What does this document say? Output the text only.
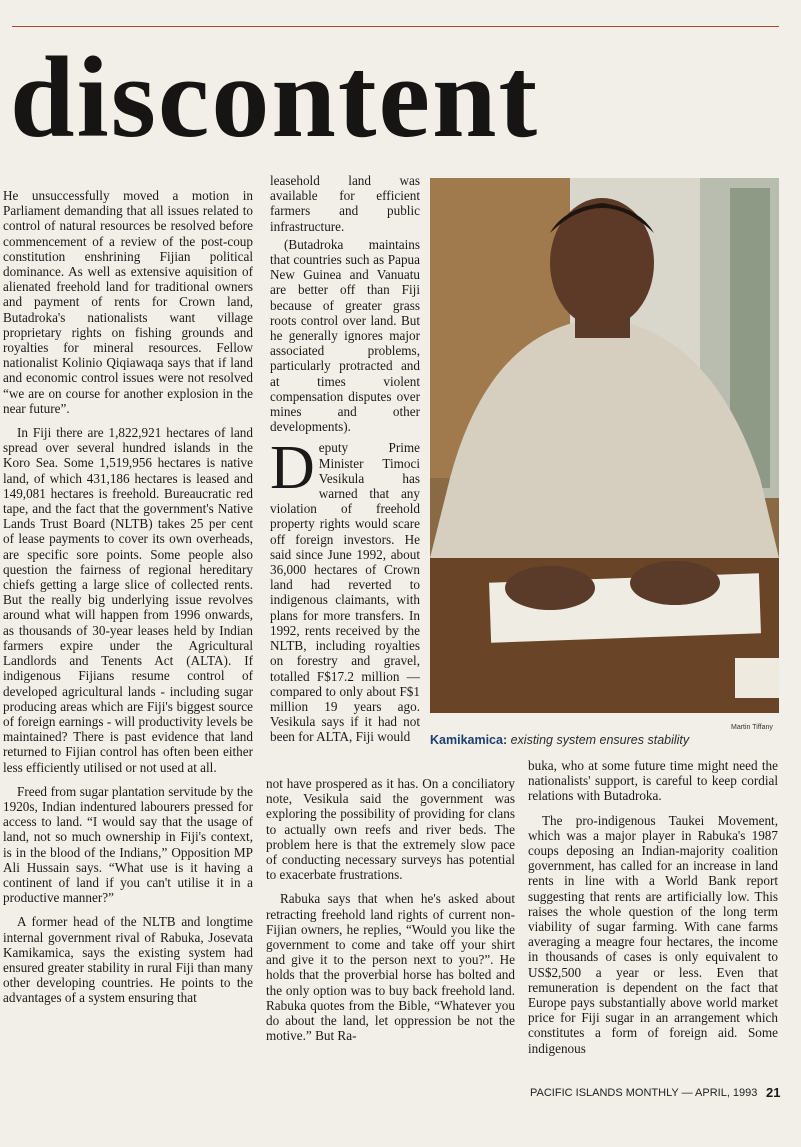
discontent

He unsuccessfully moved a motion in Parliament demanding that all issues related to control of natural resources be resolved before commencement of a review of the post-coup constitution enshrining Fijian political dominance. As well as extensive aquisition of alienated freehold land for traditional owners and payment of rents for Crown land, Butadroka's nationalists want village proprietary rights on fishing grounds and royalties for mineral resources. Fellow nationalist Kolinio Qiqiawaqa says that if land and economic control issues were not resolved “we are on course for another explosion in the near future”.

In Fiji there are 1,822,921 hectares of land spread over several hundred islands in the Koro Sea. Some 1,519,956 hectares is native land, of which 431,186 hectares is leased and 149,081 hectares is freehold. Bureaucratic red tape, and the fact that the government's Native Lands Trust Board (NLTB) takes 25 per cent of lease payments to cover its own overheads, are specific sore points. Some people also question the fairness of regional hereditary chiefs getting a large slice of collected rents. But the really big underlying issue revolves around what will happen from 1996 onwards, as thousands of 30-year leases held by Indian farmers expire under the Agricultural Landlords and Tenents Act (ALTA). If indigenous Fijians resume control of developed agricultural lands - including sugar producing areas which are Fiji's biggest source of foreign earnings - will productivity levels be maintained? There is past evidence that land returned to Fijian control has often been either less efficiently utilised or not used at all.

Freed from sugar plantation servitude by the 1920s, Indian indentured labourers pressed for access to land. “I would say that the usage of land, not so much ownership in Fiji's context, is in the blood of the Indians,” Opposition MP Ali Hussain says. “What use is it having a continent of land if you can't utilise it in a productive manner?”

A former head of the NLTB and longtime internal government rival of Rabuka, Josevata Kamikamica, says the existing system had ensured greater stability in rural Fiji than many other developing countries. He points to the advantages of a system ensuring that

leasehold land was available for efficient farmers and public infrastructure.

(Butadroka maintains that countries such as Papua New Guinea and Vanuatu are better off than Fiji because of greater grass roots control over land. But he generally ignores major associated problems, particularly protracted and at times violent compensation disputes over mines and other developments).

Deputy Prime Minister Timoci Vesikula has warned that any violation of freehold property rights would scare off foreign investors. He said since June 1992, about 36,000 hectares of Crown land had reverted to indigenous claimants, with plans for more transfers. In 1992, rents received by the NLTB, including royalties on forestry and gravel, totalled F$17.2 million — compared to only about F$1 million 19 years ago. Vesikula says if it had not been for ALTA, Fiji would

not have prospered as it has. On a conciliatory note, Vesikula said the government was exploring the possibility of providing for clans to actually own reefs and river beds. The problem here is that the extremely slow pace of conducting necessary surveys has potential to exacerbate frustrations.

Rabuka says that when he's asked about retracting freehold land rights of current non-Fijian owners, he replies, “Would you like the government to come and take off your shirt and give it to the person next to you?”. He holds that the proverbial horse has bolted and the only option was to buy back freehold land. Rabuka quotes from the Bible, “Whatever you do about the land, let oppression be not the motive.” But Ra-

buka, who at some future time might need the nationalists' support, is careful to keep cordial relations with Butadroka.

The pro-indigenous Taukei Movement, which was a major player in Rabuka's 1987 coups deposing an Indian-majority coalition government, has called for an increase in land rents in line with a World Bank report suggesting that rents are artificially low. This raises the whole question of the long term viability of sugar farming. With cane farms averaging a meagre four hectares, the income in thousands of cases is only equivalent to US$2,500 a year or less. Even that remuneration is dependent on the fact that Europe pays substantially above world market price for Fiji sugar in an arrangement which constitutes a form of foreign aid. Some indigenous

Martin Tiffany
Kamikamica: existing system ensures stability
PACIFIC ISLANDS MONTHLY — APRIL, 1993 21
